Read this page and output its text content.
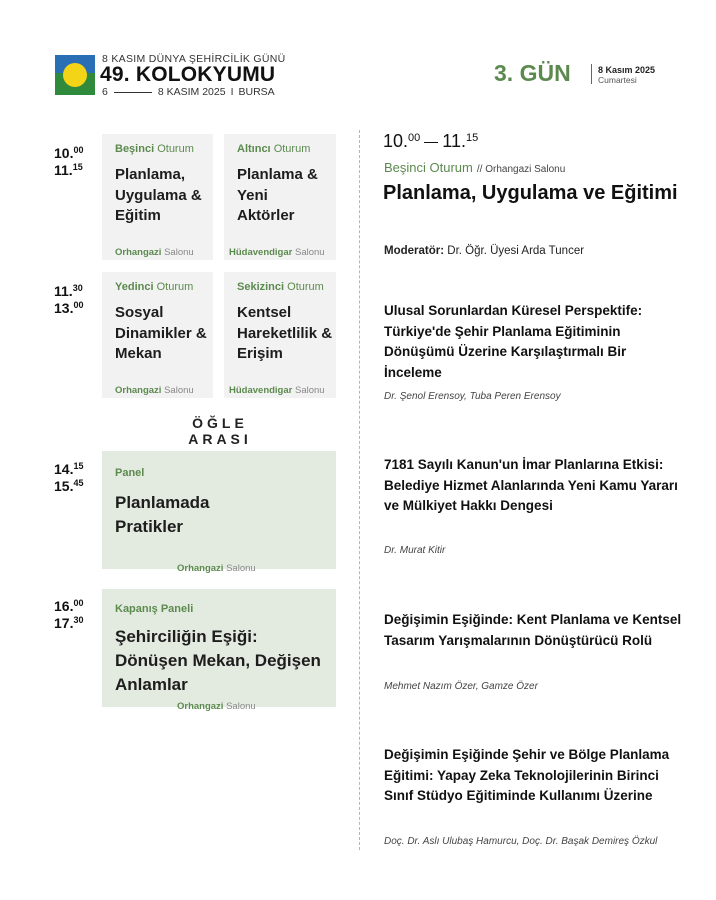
8 KASIM DÜNYA ŞEHİRCİLİK GÜNÜ
49. KOLOKYUMU
6	8 KASIM 2025 I BURSA
3. GÜN	8 Kasım 2025
Cumartesi
10.00
11.15
11.30
13.00
14.15
15.45
16.00
17.30
Beşinci Oturum
Planlama, Uygulama & Eğitim
Orhangazi Salonu
Altıncı Oturum
Planlama & Yeni Aktörler
Hüdavendigar Salonu
Yedinci Oturum
Sosyal Dinamikler & Mekan
Orhangazi Salonu
Sekizinci Oturum
Kentsel Hareketlilik & Erişim
Hüdavendigar Salonu
ÖĞLE ARASI
Panel
Planlamada Pratikler
Orhangazi Salonu
Kapanış Paneli
Şehirciliğin Eşiği: Dönüşen Mekan, Değişen Anlamlar
Orhangazi Salonu
10.00 11.15
Beşinci Oturum // Orhangazi Salonu
Planlama, Uygulama ve Eğitimi
Moderatör: Dr. Öğr. Üyesi Arda Tuncer
Ulusal Sorunlardan Küresel Perspektife: Türkiye'de Şehir Planlama Eğitiminin Dönüşümü Üzerine Karşılaştırmalı Bir İnceleme
Dr. Şenol Erensoy, Tuba Peren Erensoy
7181 Sayılı Kanun'un İmar Planlarına Etkisi: Belediye Hizmet Alanlarında Yeni Kamu Yararı ve Mülkiyet Hakkı Dengesi
Dr. Murat Kitir
Değişimin Eşiğinde: Kent Planlama ve Kentsel Tasarım Yarışmalarının Dönüştürücü Rolü
Mehmet Nazım Özer, Gamze Özer
Değişimin Eşiğinde Şehir ve Bölge Planlama Eğitimi: Yapay Zeka Teknolojilerinin Birinci Sınıf Stüdyo Eğitiminde Kullanımı Üzerine
Doç. Dr. Aslı Ulubaş Hamurcu, Doç. Dr. Başak Demireş Özkul
